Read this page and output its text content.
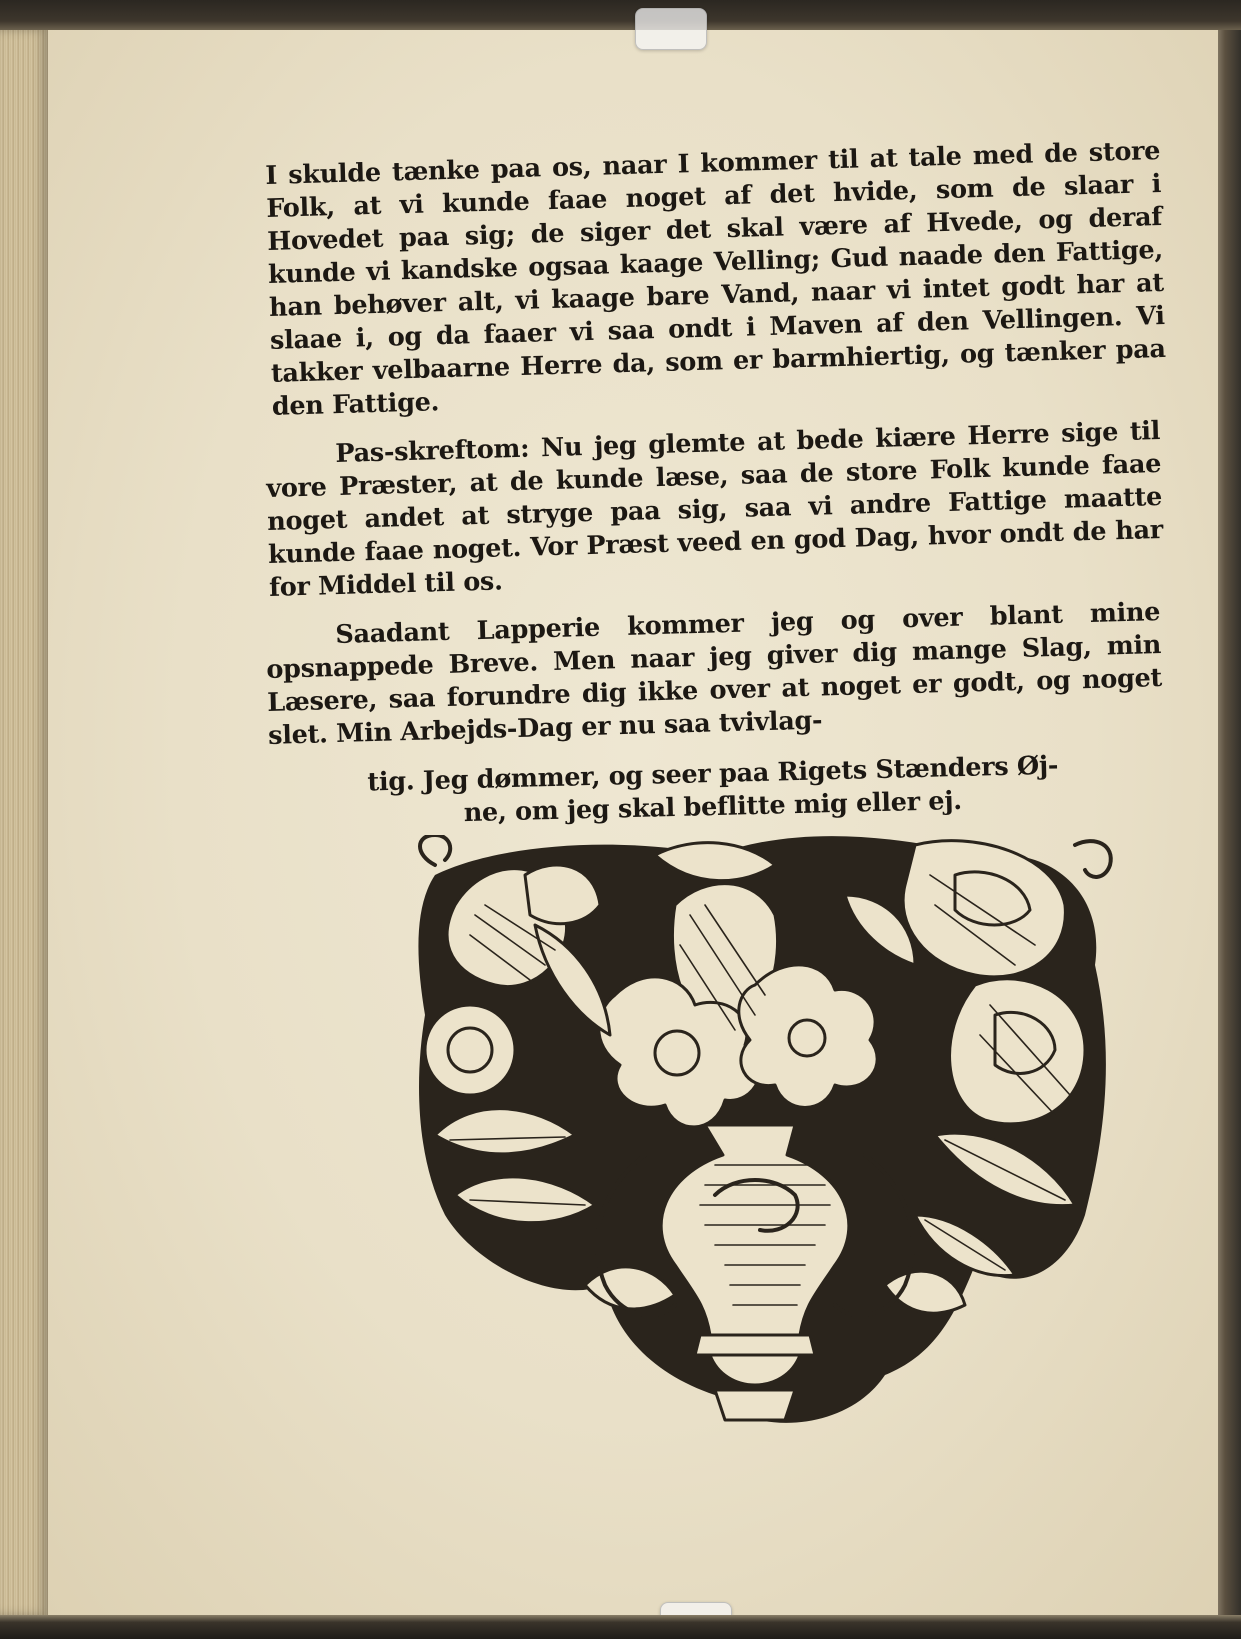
I skulde tænke paa os, naar I kommer til at tale med de store Folk, at vi kunde faae noget af det hvide, som de slaar i Hovedet paa sig; de siger det skal være af Hvede, og deraf kunde vi kandske ogsaa kaage Velling; Gud naade den Fattige, han behøver alt, vi kaage bare Vand, naar vi intet godt har at slaae i, og da faaer vi saa ondt i Maven af den Vellingen. Vi takker velbaarne Herre da, som er barmhiertig, og tænker paa den Fattige.

Pas-skreftom: Nu jeg glemte at bede kiære Herre sige til vore Præster, at de kunde læse, saa de store Folk kunde faae noget andet at stryge paa sig, saa vi andre Fattige maatte kunde faae noget. Vor Præst veed en god Dag, hvor ondt de har for Middel til os.

Saadant Lapperie kommer jeg og over blant mine opsnappede Breve. Men naar jeg giver dig mange Slag, min Læsere, saa forundre dig ikke over at noget er godt, og noget slet. Min Arbejds-Dag er nu saa tvivlag-

tig. Jeg dømmer, og seer paa Rigets Stænders Øj-

ne, om jeg skal beflitte mig eller ej.
